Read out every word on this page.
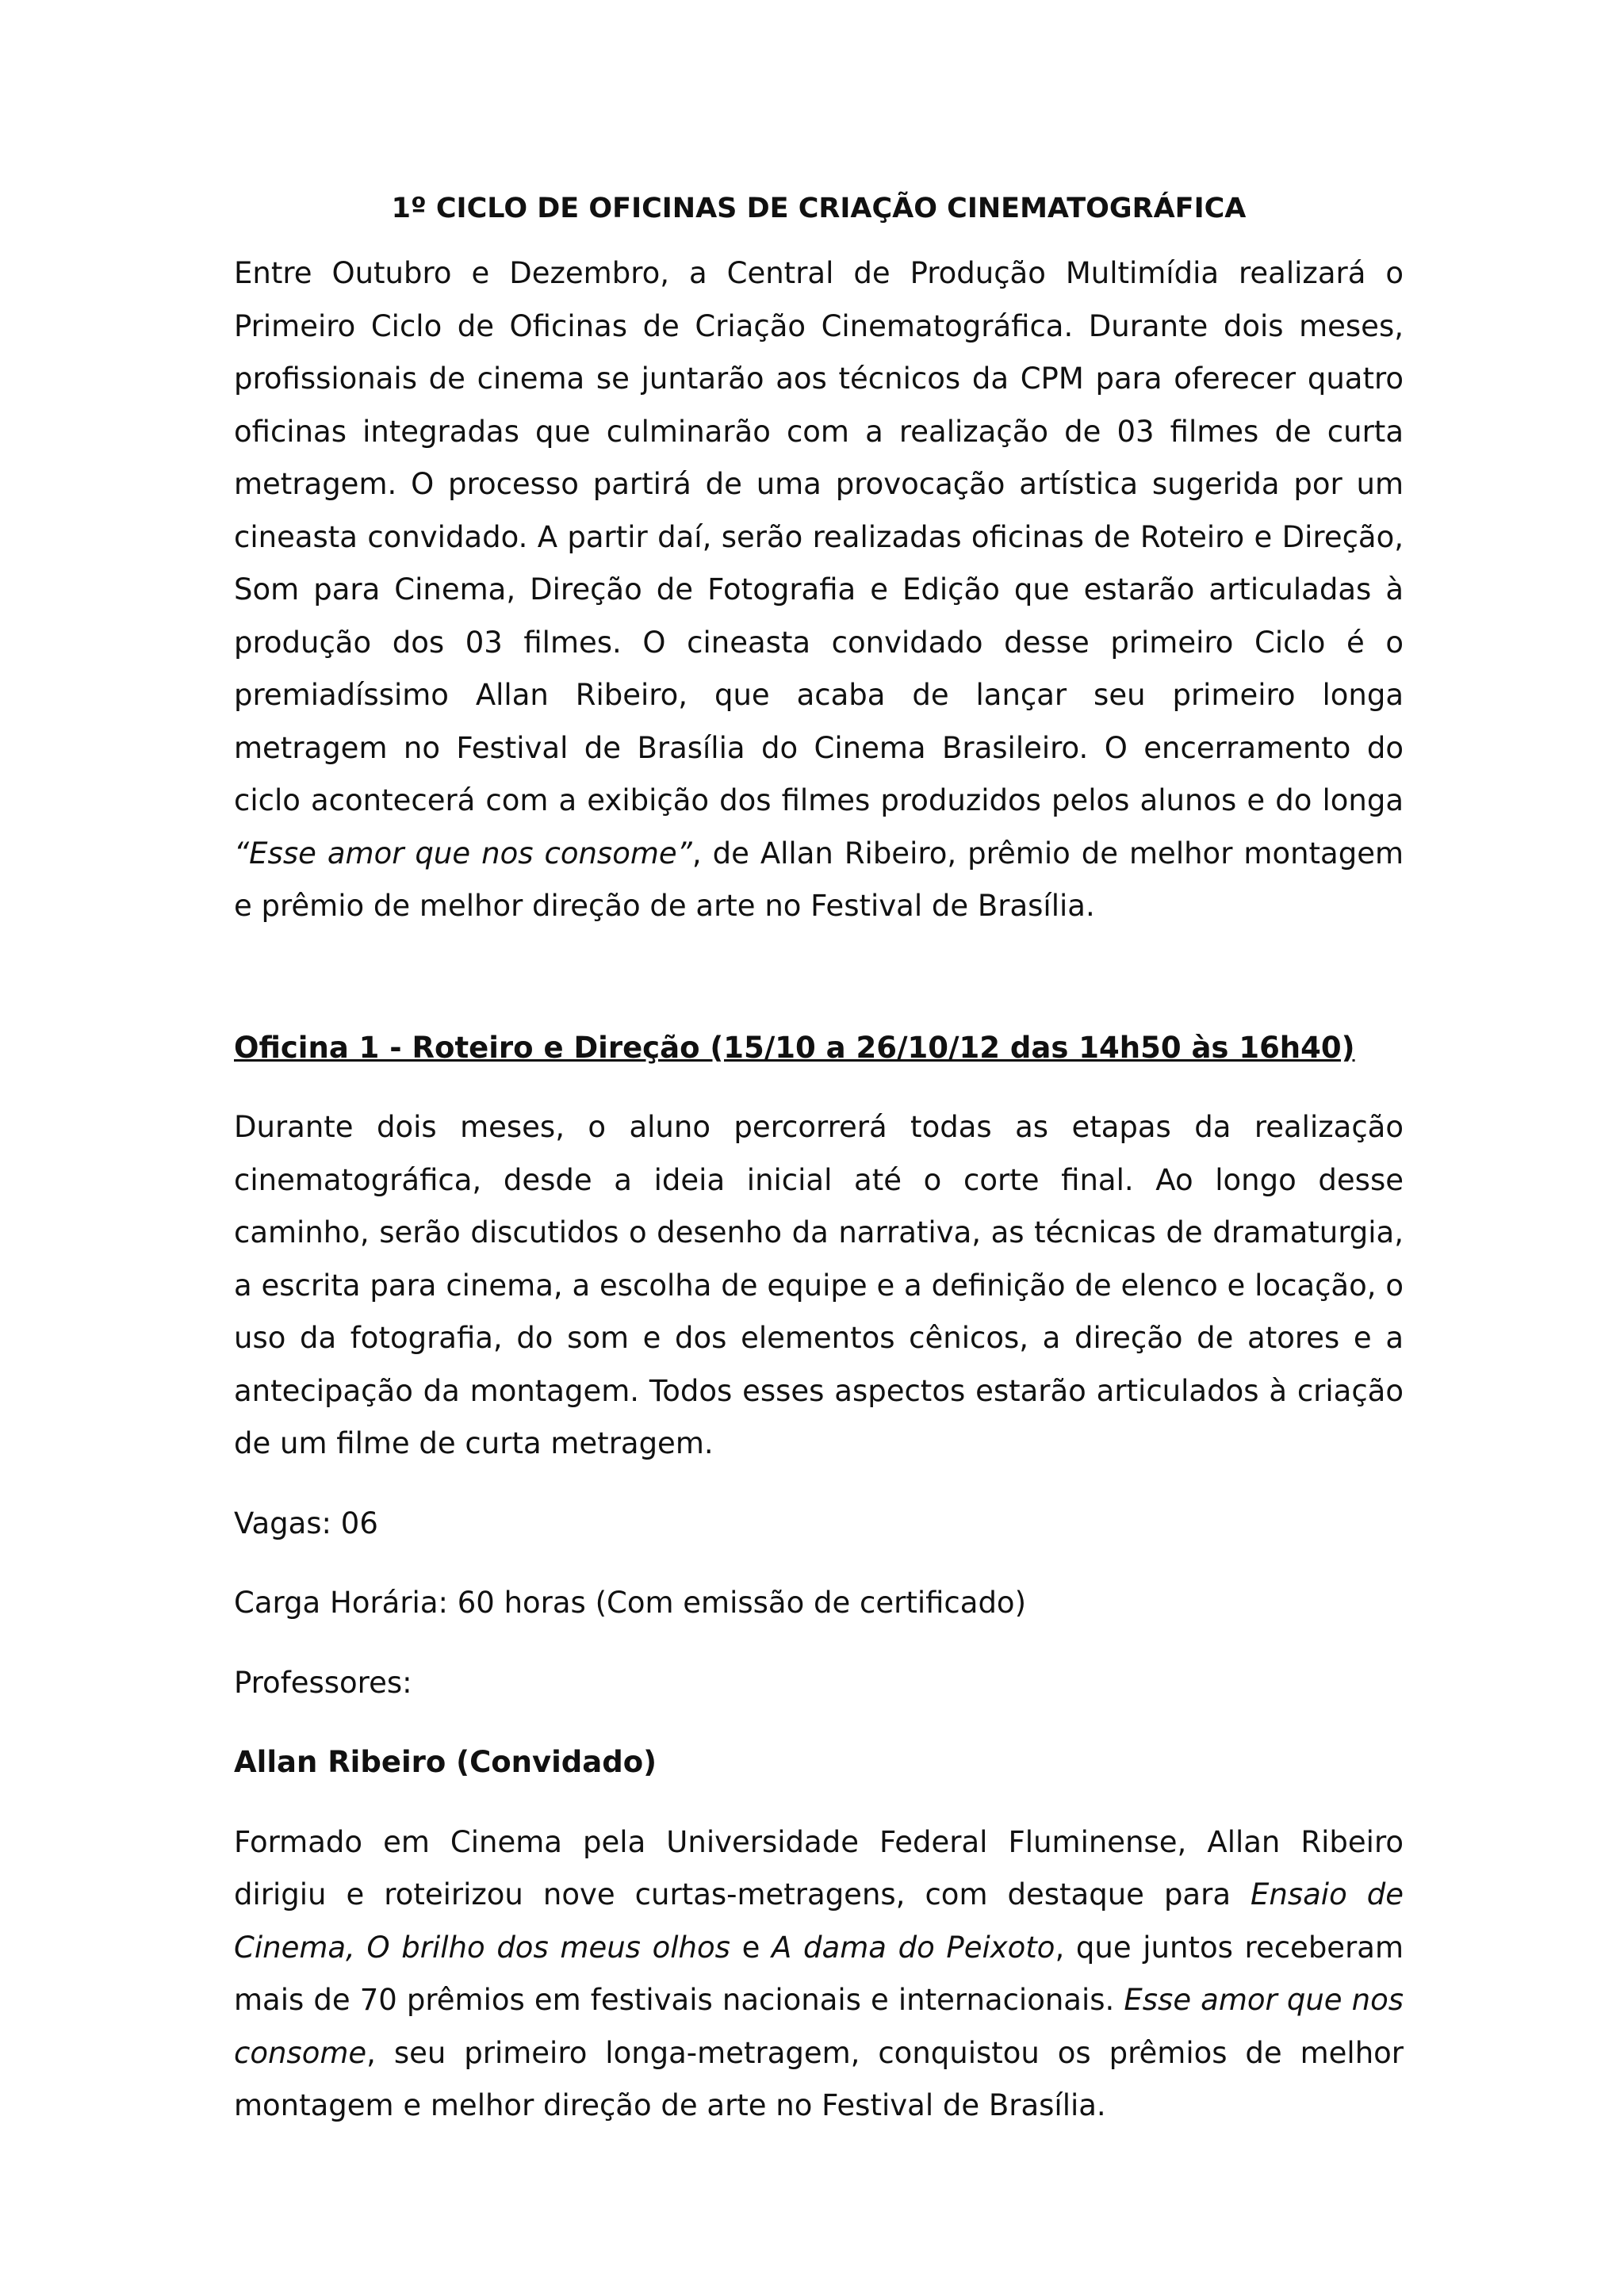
1º CICLO DE OFICINAS DE CRIAÇÃO CINEMATOGRÁFICA

Entre Outubro e Dezembro, a Central de Produção Multimídia realizará o Primeiro Ciclo de Oficinas de Criação Cinematográfica. Durante dois meses, profissionais de cinema se juntarão aos técnicos da CPM para oferecer quatro oficinas integradas que culminarão com a realização de 03 filmes de curta metragem. O processo partirá de uma provocação artística sugerida por um cineasta convidado. A partir daí, serão realizadas oficinas de Roteiro e Direção, Som para Cinema, Direção de Fotografia e Edição que estarão articuladas à produção dos 03 filmes. O cineasta convidado desse primeiro Ciclo é o premiadíssimo Allan Ribeiro, que acaba de lançar seu primeiro longa metragem no Festival de Brasília do Cinema Brasileiro. O encerramento do ciclo acontecerá com a exibição dos filmes produzidos pelos alunos e do longa “Esse amor que nos consome”, de Allan Ribeiro, prêmio de melhor montagem e prêmio de melhor direção de arte no Festival de Brasília.

Oficina 1 - Roteiro e Direção (15/10 a 26/10/12 das 14h50 às 16h40)

Durante dois meses, o aluno percorrerá todas as etapas da realização cinematográfica, desde a ideia inicial até o corte final. Ao longo desse caminho, serão discutidos o desenho da narrativa, as técnicas de dramaturgia, a escrita para cinema, a escolha de equipe e a definição de elenco e locação, o uso da fotografia, do som e dos elementos cênicos, a direção de atores e a antecipação da montagem. Todos esses aspectos estarão articulados à criação de um filme de curta metragem.

Vagas: 06

Carga Horária: 60 horas (Com emissão de certificado)

Professores:

Allan Ribeiro (Convidado)

Formado em Cinema pela Universidade Federal Fluminense, Allan Ribeiro dirigiu e roteirizou nove curtas-metragens, com destaque para Ensaio de Cinema, O brilho dos meus olhos e A dama do Peixoto, que juntos receberam mais de 70 prêmios em festivais nacionais e internacionais. Esse amor que nos consome, seu primeiro longa-metragem, conquistou os prêmios de melhor montagem e melhor direção de arte no Festival de Brasília.
